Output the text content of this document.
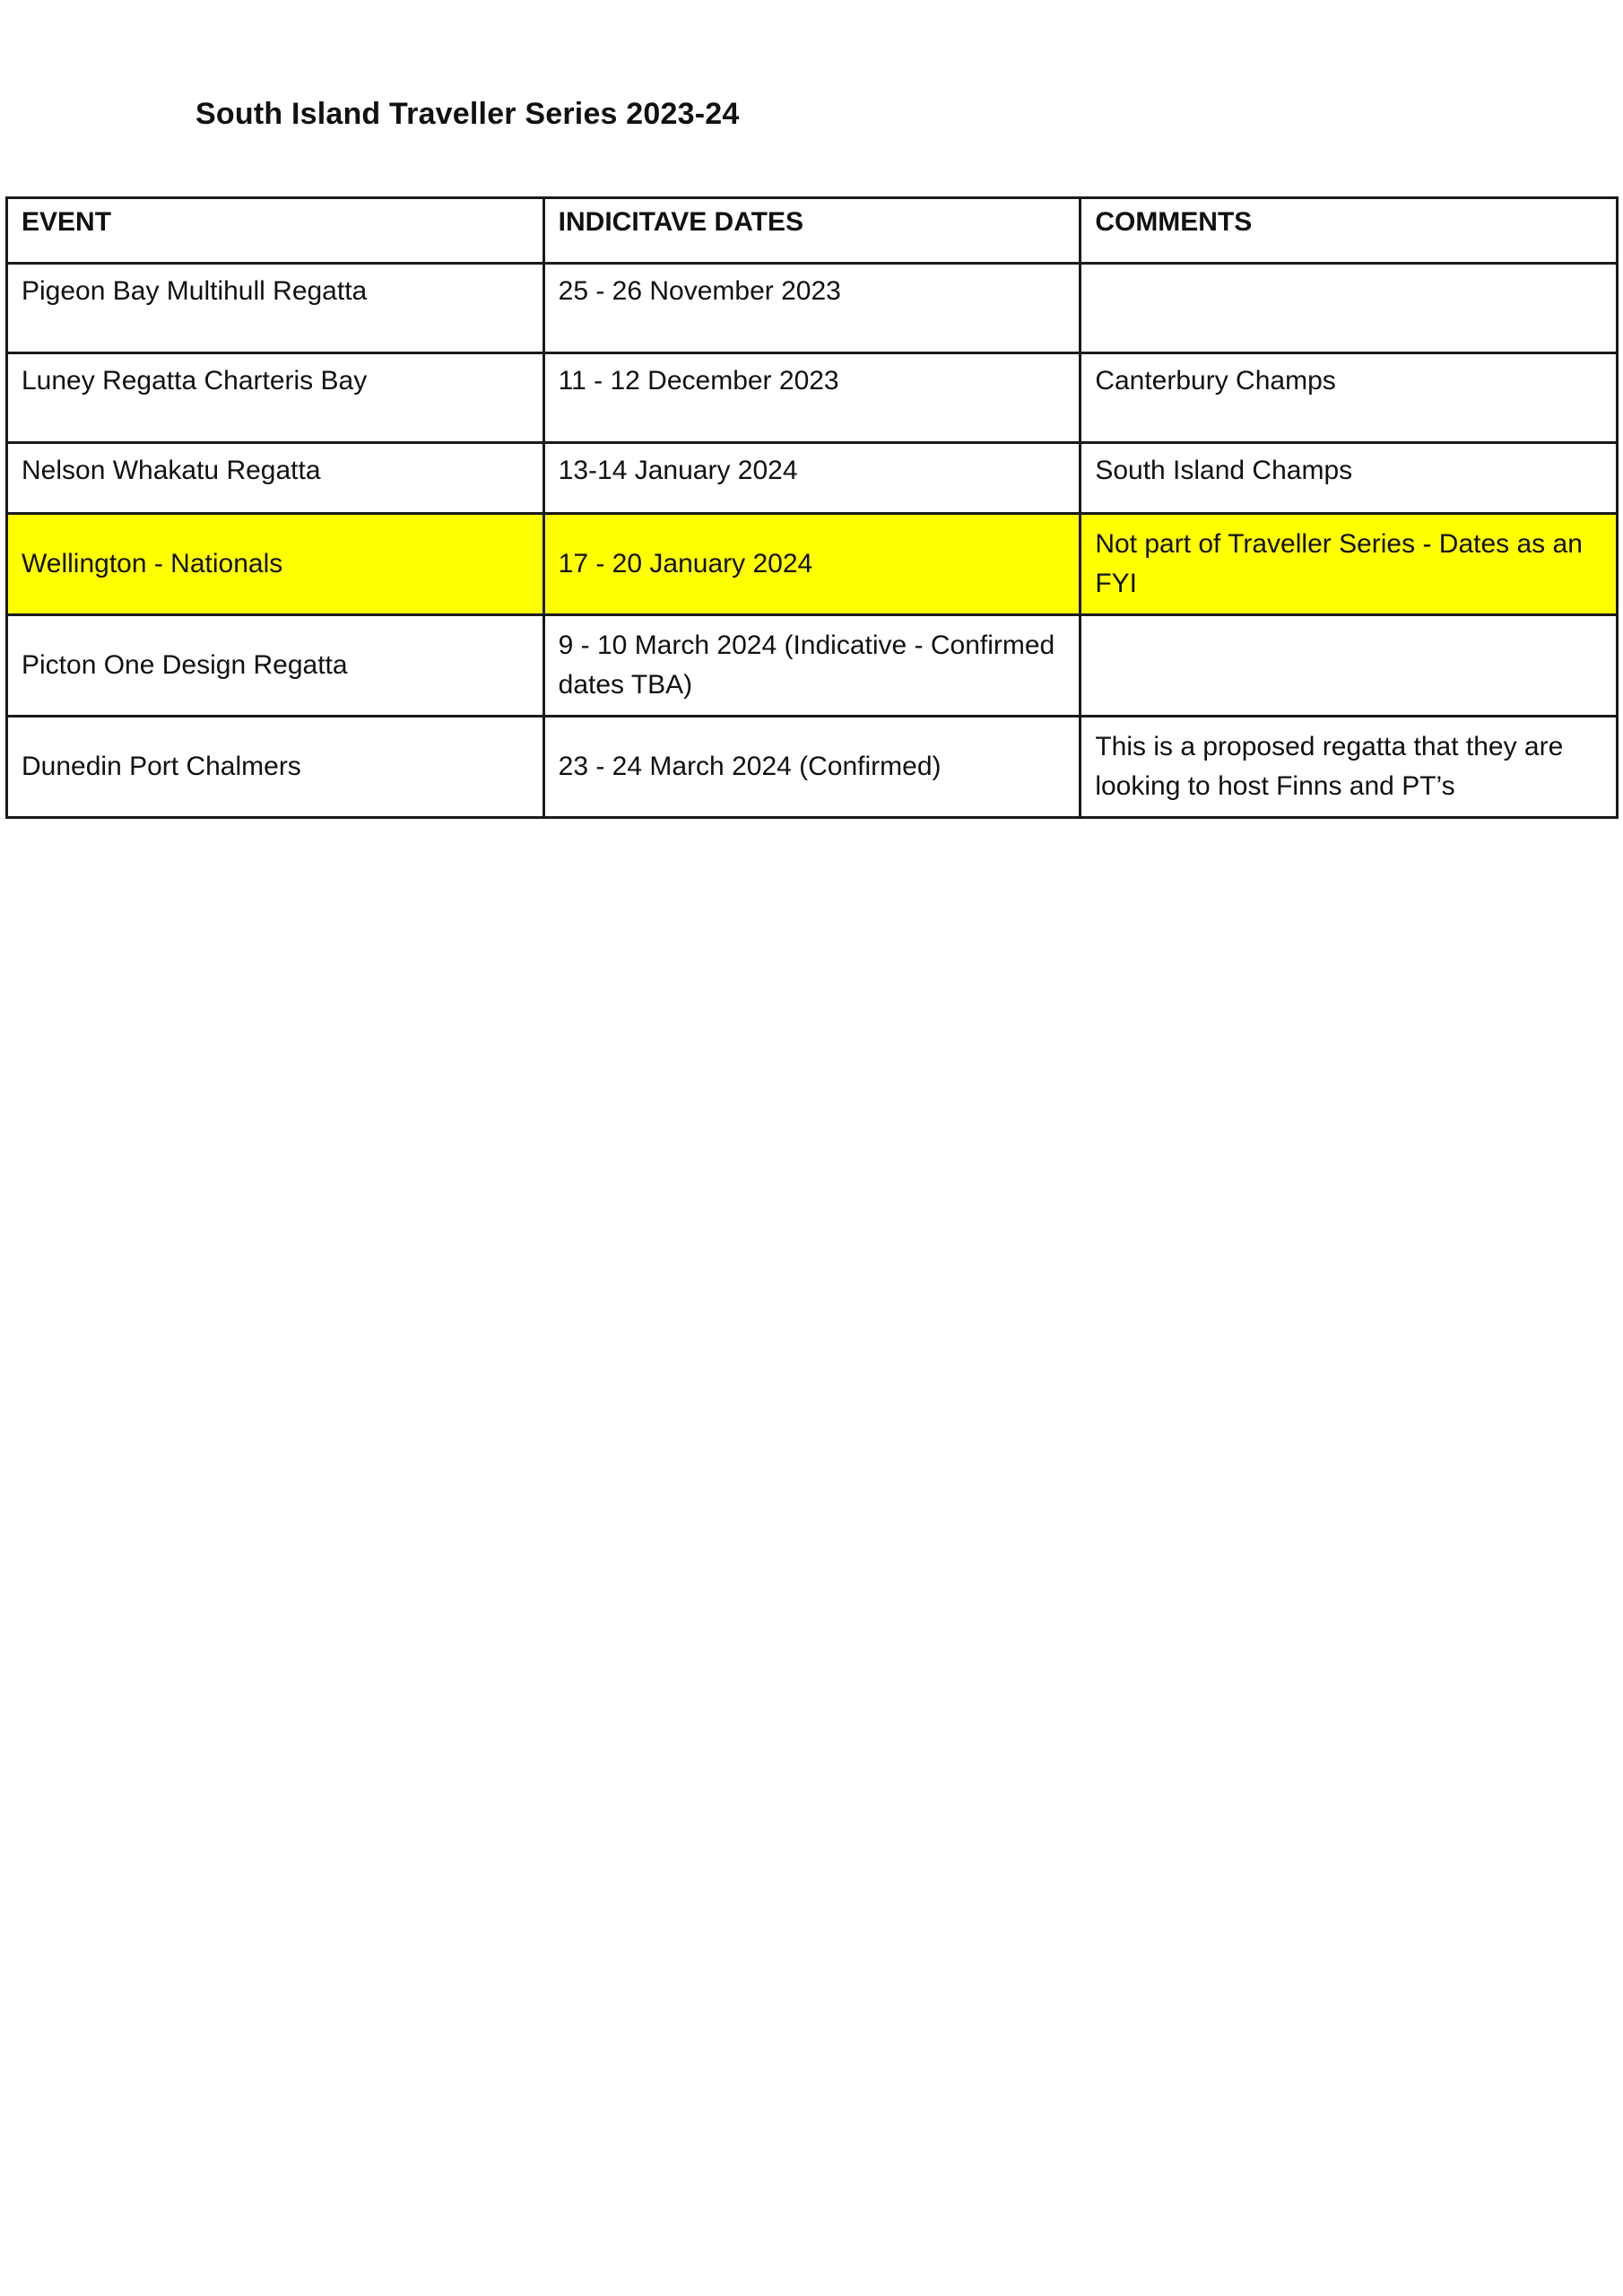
South Island Traveller Series 2023-24
EVENT	INDICITAVE DATES	COMMENTS
Pigeon Bay Multihull Regatta	25 - 26 November 2023	
Luney Regatta Charteris Bay	11 - 12 December 2023	Canterbury Champs
Nelson Whakatu Regatta	13-14 January 2024	South Island Champs
Wellington - Nationals	17 - 20 January 2024	Not part of Traveller Series - Dates as an FYI
Picton One Design Regatta	9 - 10 March 2024 (Indicative - Confirmed dates TBA)	
Dunedin Port Chalmers	23 - 24 March 2024 (Confirmed)	This is a proposed regatta that they are looking to host Finns and PT’s
